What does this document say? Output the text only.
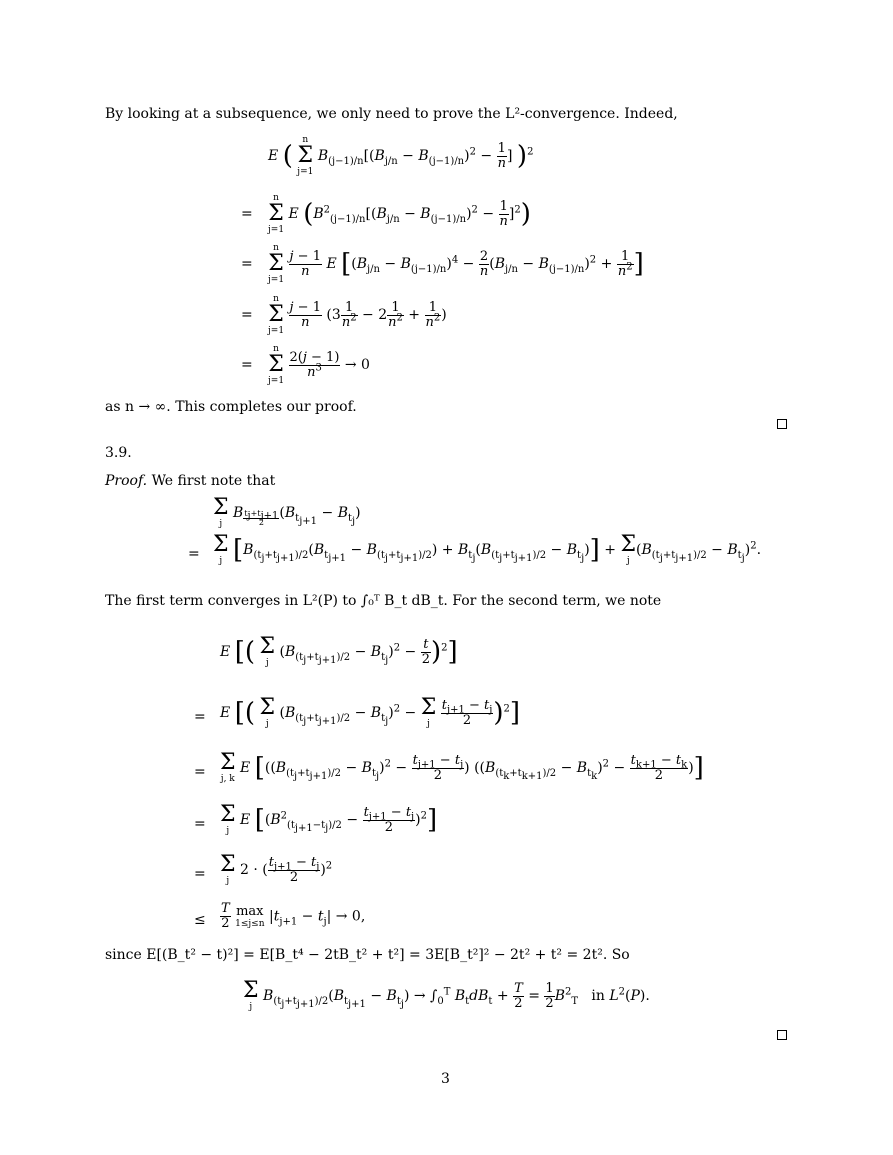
By looking at a subsequence, we only need to prove the L²-convergence. Indeed,
E (
n
Σ
j=1
$B_{(j-1)/n}[(B_{j/n} - B_{(j-1)/n})^2 - \frac{1}{n}$ ] )$^2$
=
n
Σ
j=1
E $(B^2_{(j-1)/n}[(B_{j/n} - B_{(j-1)/n})^2 - \frac{1}{n} ]^2)$
=
n
Σ
j=1

$\frac{j - 1}{n}$ E [$(B_{j/n} - B_{(j-1)/n})^4 - \frac{2}{n} (B_{j/n} - B_{(j-1)/n})^2 + \frac{1}{n^2}$ ]
=
n
Σ
j=1

$\frac{j - 1}{n} (3 \frac{1}{n^2} - 2 \frac{1}{n^2} + \frac{1}{n^2}$ )
=
n
Σ
j=1

$\frac{2(j - 1)}{n^3} \to 0$
as n → ∞. This completes our proof.
3.9.
Proof. We first note that
Σ
j
B $_{\frac{t_j+t_{j+1}}{2}}$ $(B_{t_{j+1}} - B_{t_j})$
= Σ
j $[B_{(t_j+t_{j+1})/2}(B_{t_{j+1}} - B_{(t_j+t_{j+1})/2}) + B_{t_j}(B_{(t_j+t_{j+1})/2} - B_{t_j})] + \Sigma$
j
$(B_{(t_j+t_{j+1})/2} - B_{t_j})^2$.
The first term converges in L²(P) to ∫₀ᵀ B_t dB_t. For the second term, we note
E [( Σ
j
$(B_{(t_j+t_{j+1})/2} - B_{t_j})^2 - \frac{t}{2} )^2$]
= E [( Σ
j
$(B_{(t_j+t_{j+1})/2} - B_{t_j})^2 - \Sigma$
j
$\frac{t_{j+1} - t_j}{2} )^2$]
= Σ
j, k
E [($(B_{(t_j+t_{j+1})/2} - B_{t_j})^2 - \frac{t_{j+1} - t_j}{2}$ ) ($(B_{(t_k+t_{k+1})/2} - B_{t_k})^2 - \frac{t_{k+1} - t_k}{2}$ )]
= Σ
j
E $[(B^2_{(t_{j+1}-t_j)/2} - \frac{t_{j+1} - t_j}{2} )^2]$
= Σ
j
2 · ( $\frac{t_{j+1} - t_j}{2} )^2$
≤ $\frac{T}{2}$
max
1≤j≤n $|t_{j+1} - t_j| \to 0$,
since E[(B_t² − t)²] = E[B_t⁴ − 2tB_t² + t²] = 3E[B_t²]² − 2t² + t² = 2t². So
Σ
j
$B_{(t_j+t_{j+1})/2}(B_{t_{j+1}} - B_{t_j}) \to \int_0^T$ $B_tdB_t + \frac{T}{2} = \frac{1}{2} B^2_T$   in $L^2(P)$.
3
